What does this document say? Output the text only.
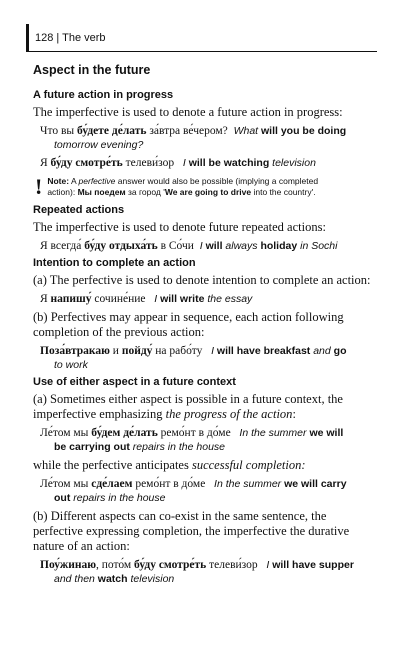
128 | The verb
Aspect in the future
A future action in progress
The imperfective is used to denote a future action in progress:
Что вы бу́дете де́лать за́втра ве́чером? What will you be doing
tomorrow evening?
Я бу́ду смотре́ть телеви́зор I will be watching television
! Note: A perfective answer would also be possible (implying a completed
action): Мы поедем за город 'We are going to drive into the country'.
Repeated actions
The imperfective is used to denote future repeated actions:
Я всегда́ бу́ду отдыха́ть в Со́чи I will always holiday in Sochi
Intention to complete an action
(a) The perfective is used to denote intention to complete an action:
Я напишу́ сочине́ние I will write the essay
(b) Perfectives may appear in sequence, each action following completion of the previous action:
Поза́втракаю и пойду́ на рабо́ту I will have breakfast and go
to work
Use of either aspect in a future context
(a) Sometimes either aspect is possible in a future context, the imperfective emphasizing the progress of the action:
Ле́том мы бу́дем де́лать ремо́нт в до́ме In the summer we will
be carrying out repairs in the house
while the perfective anticipates successful completion:
Ле́том мы сде́лаем ремо́нт в до́ме In the summer we will carry
out repairs in the house
(b) Different aspects can co-exist in the same sentence, the perfective expressing completion, the imperfective the durative nature of an action:
Поу́жинаю, пото́м бу́ду смотре́ть телеви́зор I will have supper
and then watch television
